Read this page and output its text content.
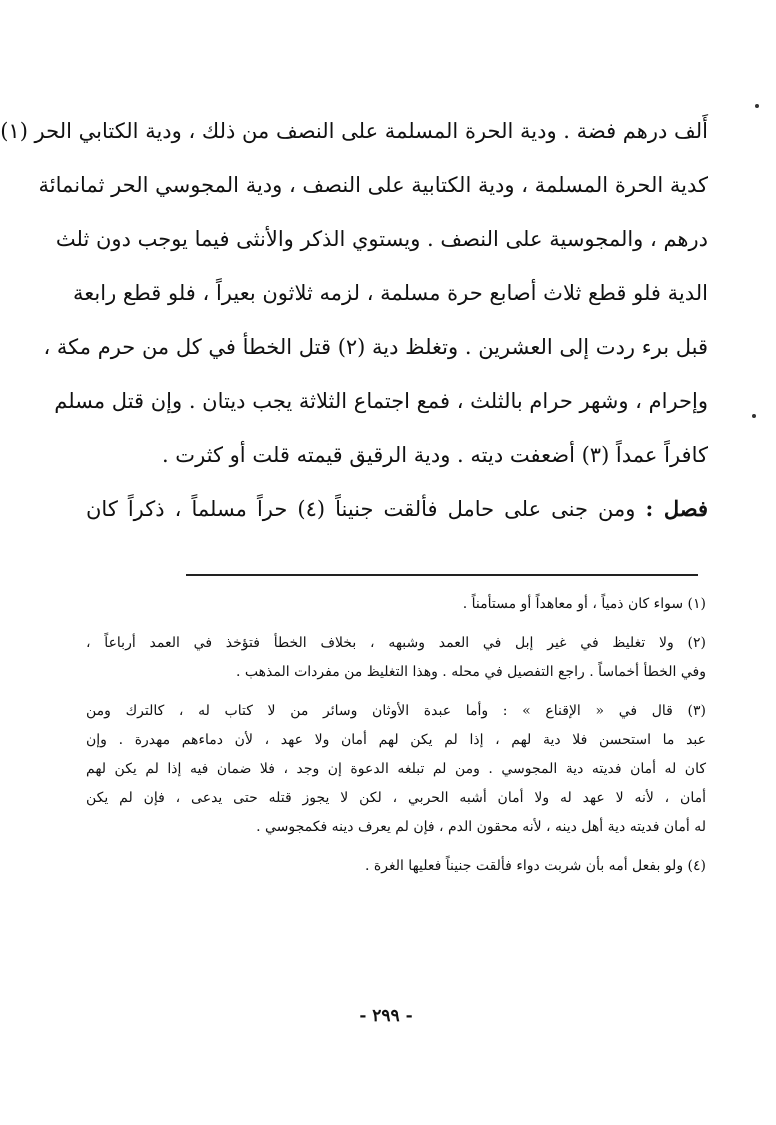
أَلف درهم فضة . ودية الحرة المسلمة على النصف من ذلك ، ودية الكتابي الحر (١)
كدية الحرة المسلمة ، ودية الكتابية على النصف ، ودية المجوسي الحر ثمانمائة
درهم ، والمجوسية على النصف . ويستوي الذكر والأنثى فيما يوجب دون ثلث
الدية فلو قطع ثلاث أصابع حرة مسلمة ، لزمه ثلاثون بعيراً ، فلو قطع رابعة
قبل برء ردت إلى العشرين . وتغلظ دية (٢) قتل الخطأ في كل من حرم مكة ،
وإحرام ، وشهر حرام بالثلث ، فمع اجتماع الثلاثة يجب ديتان . وإن قتل مسلم
كافراً عمداً (٣) أضعفت ديته . ودية الرقيق قيمته قلت أو كثرت .
فصل : ومن جنى على حامل فألقت جنيناً (٤) حراً مسلماً ، ذكراً كان
(١) سواء كان ذمياً ، أو معاهداً أو مستأمناً .
(٢) ولا تغليظ في غير إبل في العمد وشبهه ، بخلاف الخطأ فتؤخذ في العمد أرباعاً ،
وفي الخطأ أخماساً . راجع التفصيل في محله . وهذا التغليظ من مفردات المذهب .
(٣) قال في « الإقناع » : وأما عبدة الأوثان وسائر من لا كتاب له ، كالترك ومن
عبد ما استحسن فلا دية لهم ، إذا لم يكن لهم أمان ولا عهد ، لأن دماءهم مهدرة . وإن
كان له أمان فديته دية المجوسي . ومن لم تبلغه الدعوة إن وجد ، فلا ضمان فيه إذا لم يكن لهم
أمان ، لأنه لا عهد له ولا أمان أشبه الحربي ، لكن لا يجوز قتله حتى يدعى ، فإن لم يكن
له أمان فديته دية أهل دينه ، لأنه محقون الدم ، فإن لم يعرف دينه فكمجوسي .
(٤) ولو بفعل أمه بأن شربت دواء فألقت جنيناً فعليها الغرة .
- ٢٩٩ -
